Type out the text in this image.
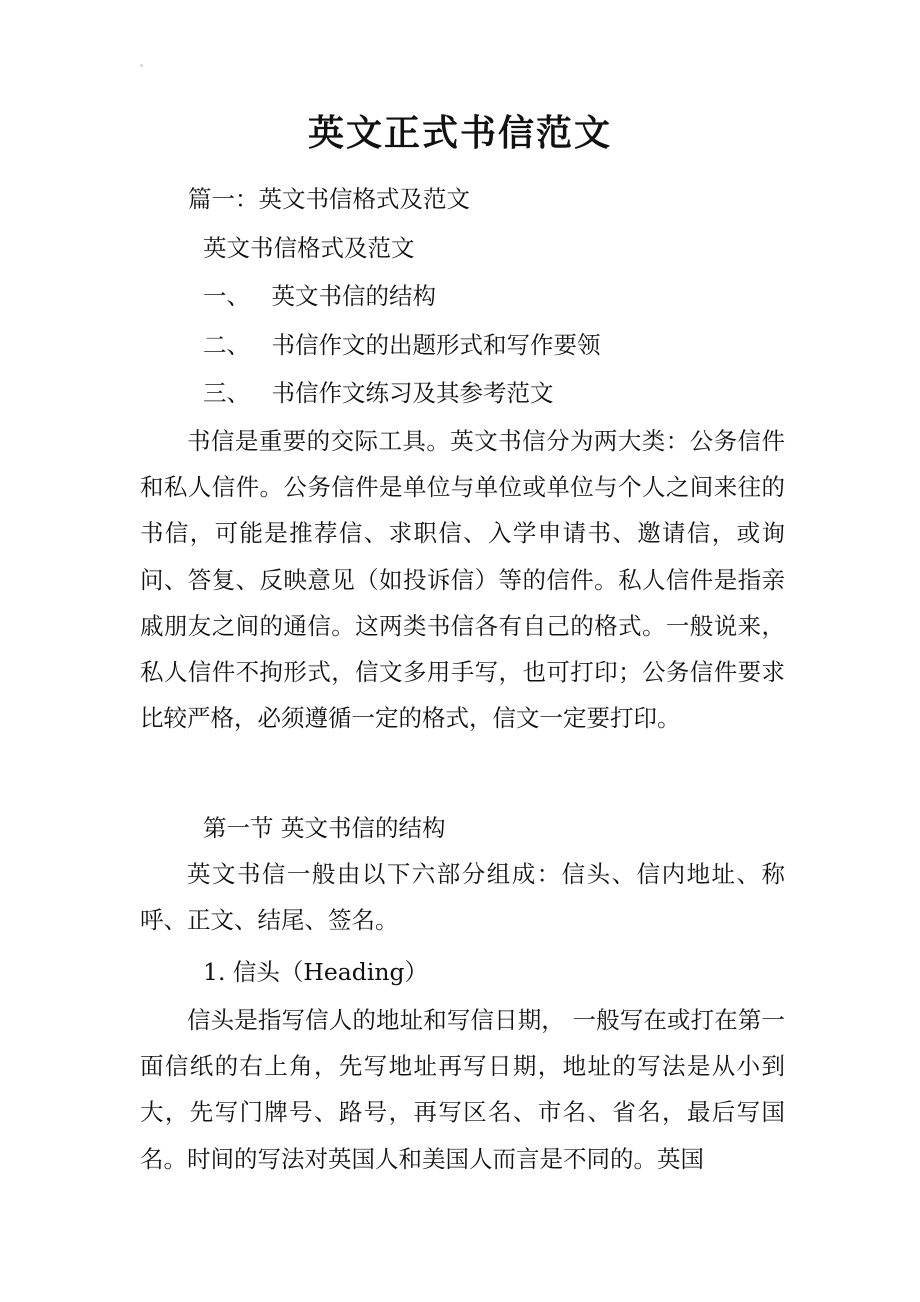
英文正式书信范文
篇一：英文书信格式及范文
英文书信格式及范文
一、 英文书信的结构
二、 书信作文的出题形式和写作要领
三、 书信作文练习及其参考范文
书信是重要的交际工具。英文书信分为两大类：公务信件和私人信件。公务信件是单位与单位或单位与个人之间来往的书信，可能是推荐信、求职信、入学申请书、邀请信，或询问、答复、反映意见（如投诉信）等的信件。私人信件是指亲戚朋友之间的通信。这两类书信各有自己的格式。一般说来，私人信件不拘形式，信文多用手写，也可打印；公务信件要求比较严格，必须遵循一定的格式，信文一定要打印。
第一节 英文书信的结构
英文书信一般由以下六部分组成：信头、信内地址、称呼、正文、结尾、签名。
1. 信头（Heading）
信头是指写信人的地址和写信日期， 一般写在或打在第一面信纸的右上角，先写地址再写日期，地址的写法是从小到大，先写门牌号、路号，再写区名、市名、省名，最后写国名。时间的写法对英国人和美国人而言是不同的。英国
